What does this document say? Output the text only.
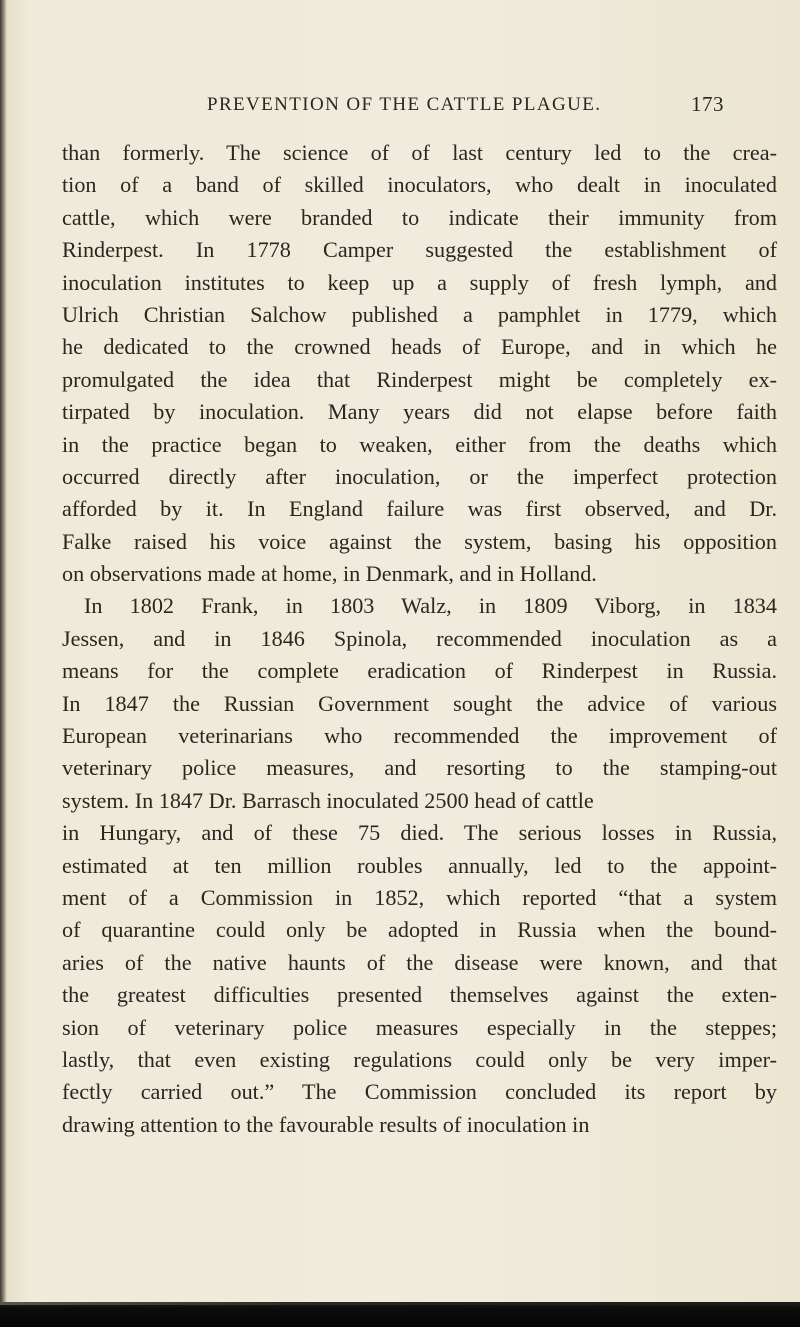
PREVENTION OF THE CATTLE PLAGUE.	173
than formerly. The science of of last century led to the crea-
tion of a band of skilled inoculators, who dealt in inoculated
cattle, which were branded to indicate their immunity from
Rinderpest. In 1778 Camper suggested the establishment of
inoculation institutes to keep up a supply of fresh lymph, and
Ulrich Christian Salchow published a pamphlet in 1779, which
he dedicated to the crowned heads of Europe, and in which he
promulgated the idea that Rinderpest might be completely ex-
tirpated by inoculation. Many years did not elapse before faith
in the practice began to weaken, either from the deaths which
occurred directly after inoculation, or the imperfect protection
afforded by it. In England failure was first observed, and Dr.
Falke raised his voice against the system, basing his opposition
on observations made at home, in Denmark, and in Holland.
In 1802 Frank, in 1803 Walz, in 1809 Viborg, in 1834
Jessen, and in 1846 Spinola, recommended inoculation as a
means for the complete eradication of Rinderpest in Russia.
In 1847 the Russian Government sought the advice of various
European veterinarians who recommended the improvement of
veterinary police measures, and resorting to the stamping-out
system. In 1847 Dr. Barrasch inoculated 2500 head of cattle
in Hungary, and of these 75 died. The serious losses in Russia,
estimated at ten million roubles annually, led to the appoint-
ment of a Commission in 1852, which reported “that a system
of quarantine could only be adopted in Russia when the bound-
aries of the native haunts of the disease were known, and that
the greatest difficulties presented themselves against the exten-
sion of veterinary police measures especially in the steppes;
lastly, that even existing regulations could only be very imper-
fectly carried out.” The Commission concluded its report by
drawing attention to the favourable results of inoculation in
